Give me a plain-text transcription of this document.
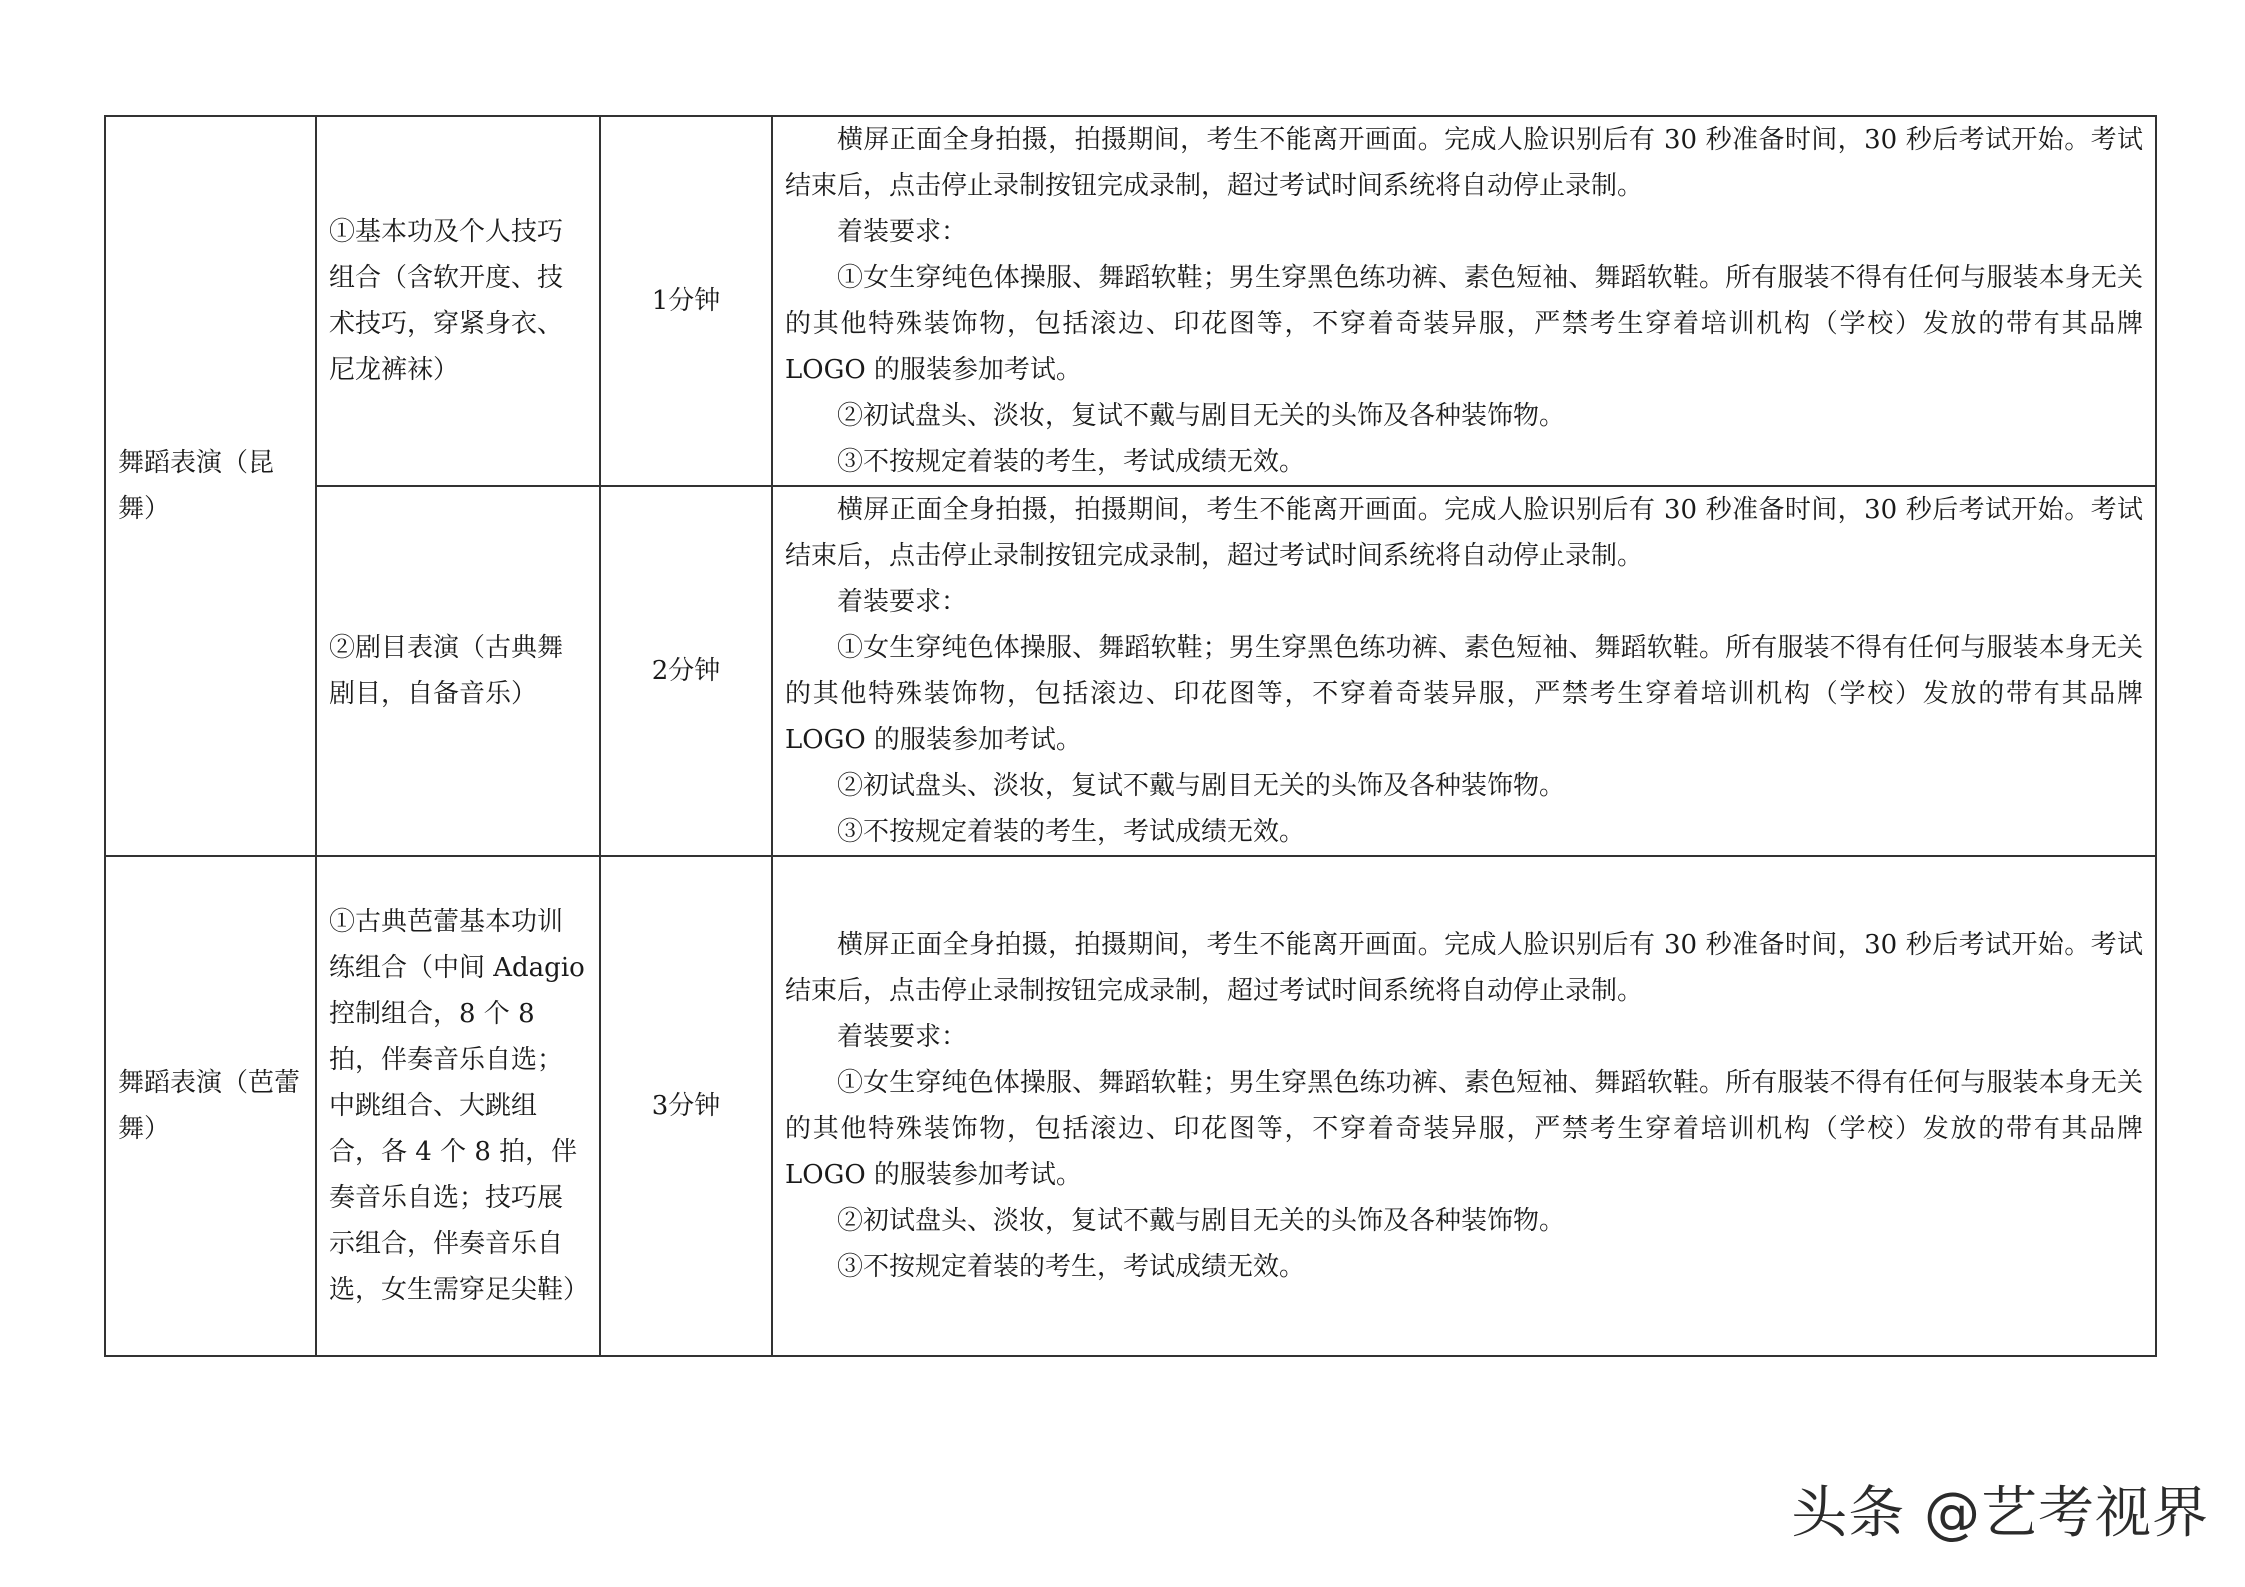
舞蹈表演（昆舞）	①基本功及个人技巧组合（含软开度、技术技巧，穿紧身衣、尼龙裤袜）	1分钟	横屏正面全身拍摄，拍摄期间，考生不能离开画面。完成人脸识别后有 30 秒准备时间，30 秒后考试开始。考试结束后，点击停止录制按钮完成录制，超过考试时间系统将自动停止录制。

着装要求：

①女生穿纯色体操服、舞蹈软鞋；男生穿黑色练功裤、素色短袖、舞蹈软鞋。所有服装不得有任何与服装本身无关的其他特殊装饰物，包括滚边、印花图等，不穿着奇装异服，严禁考生穿着培训机构（学校）发放的带有其品牌 LOGO 的服装参加考试。

②初试盘头、淡妆，复试不戴与剧目无关的头饰及各种装饰物。

③不按规定着装的考生，考试成绩无效。

	②剧目表演（古典舞剧目，自备音乐）	2分钟	横屏正面全身拍摄，拍摄期间，考生不能离开画面。完成人脸识别后有 30 秒准备时间，30 秒后考试开始。考试结束后，点击停止录制按钮完成录制，超过考试时间系统将自动停止录制。

着装要求：

①女生穿纯色体操服、舞蹈软鞋；男生穿黑色练功裤、素色短袖、舞蹈软鞋。所有服装不得有任何与服装本身无关的其他特殊装饰物，包括滚边、印花图等，不穿着奇装异服，严禁考生穿着培训机构（学校）发放的带有其品牌 LOGO 的服装参加考试。

②初试盘头、淡妆，复试不戴与剧目无关的头饰及各种装饰物。

③不按规定着装的考生，考试成绩无效。

舞蹈表演（芭蕾舞）	①古典芭蕾基本功训练组合（中间 Adagio 控制组合，8 个 8 拍，伴奏音乐自选；中跳组合、大跳组合，各 4 个 8 拍，伴奏音乐自选；技巧展示组合，伴奏音乐自选，女生需穿足尖鞋）	3分钟	横屏正面全身拍摄，拍摄期间，考生不能离开画面。完成人脸识别后有 30 秒准备时间，30 秒后考试开始。考试结束后，点击停止录制按钮完成录制，超过考试时间系统将自动停止录制。

着装要求：

①女生穿纯色体操服、舞蹈软鞋；男生穿黑色练功裤、素色短袖、舞蹈软鞋。所有服装不得有任何与服装本身无关的其他特殊装饰物，包括滚边、印花图等，不穿着奇装异服，严禁考生穿着培训机构（学校）发放的带有其品牌 LOGO 的服装参加考试。

②初试盘头、淡妆，复试不戴与剧目无关的头饰及各种装饰物。

③不按规定着装的考生，考试成绩无效。

头条 @艺考视界
